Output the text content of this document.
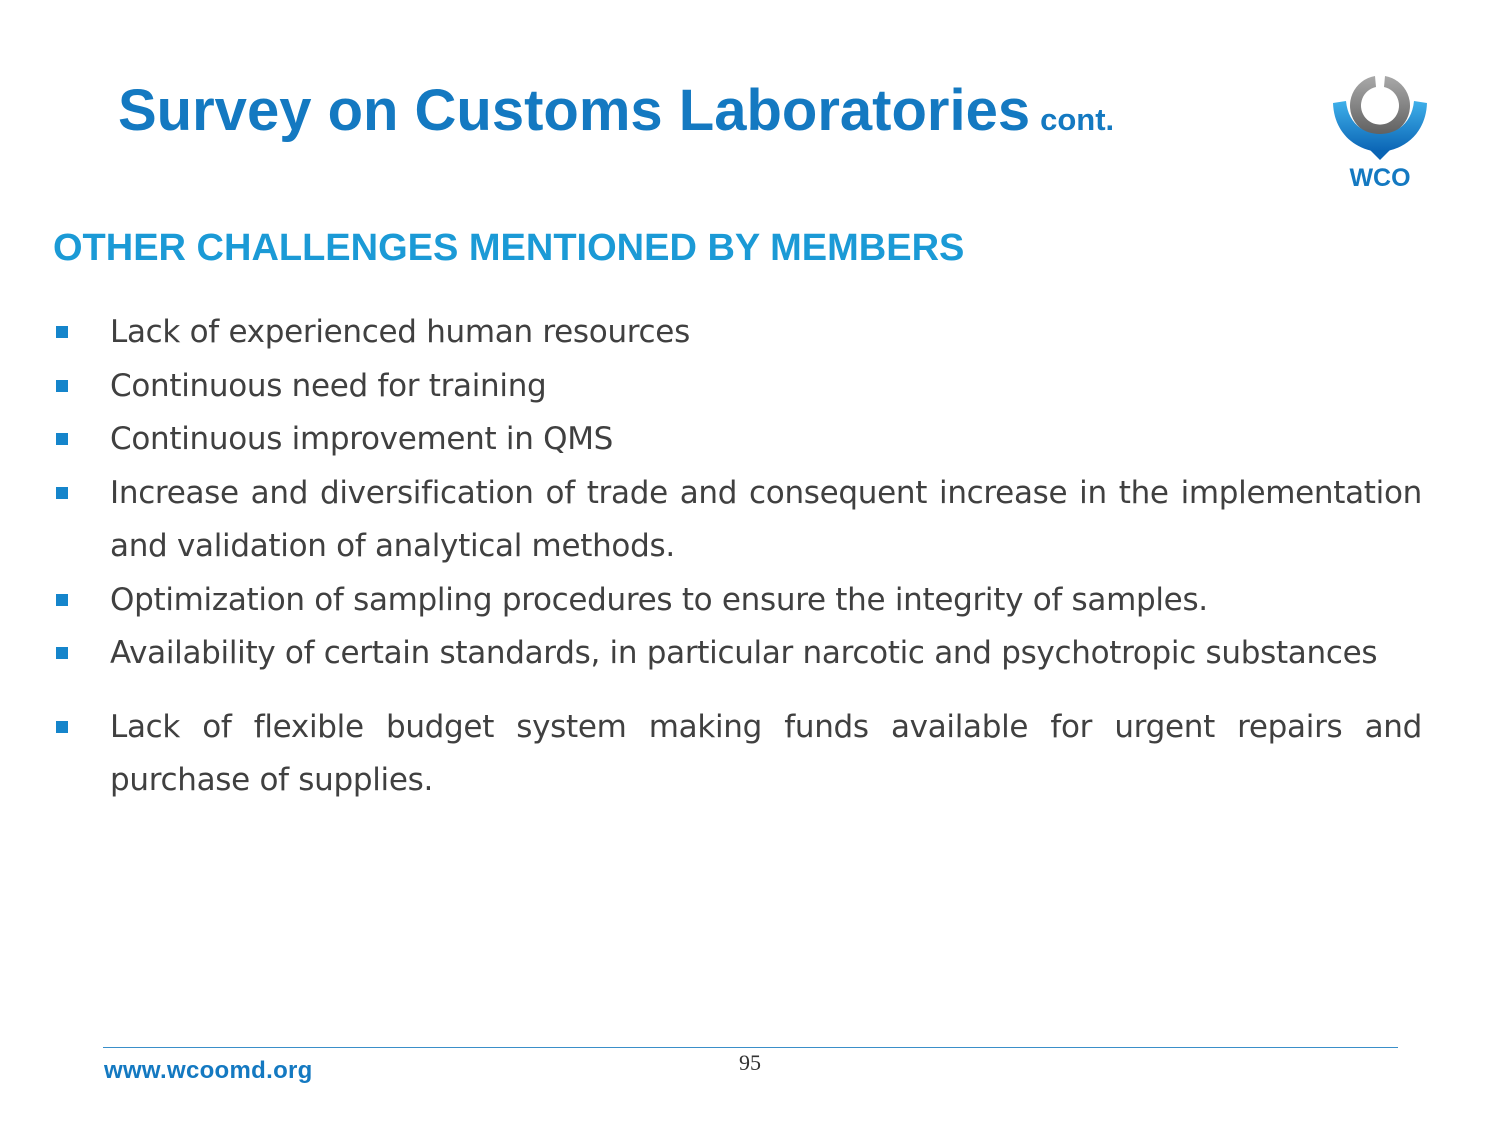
Survey on Customs Laboratories cont.
WCO
OTHER CHALLENGES MENTIONED BY MEMBERS
Lack of experienced human resources
Continuous need for training
Continuous improvement in QMS
Increase and diversification of trade and consequent increase in the implementation and validation of analytical methods.
Optimization of sampling procedures to ensure the integrity of samples.
Availability of certain standards, in particular narcotic and psychotropic substances
Lack of flexible budget system making funds available for urgent repairs and purchase of supplies.
95
www.wcoomd.org
